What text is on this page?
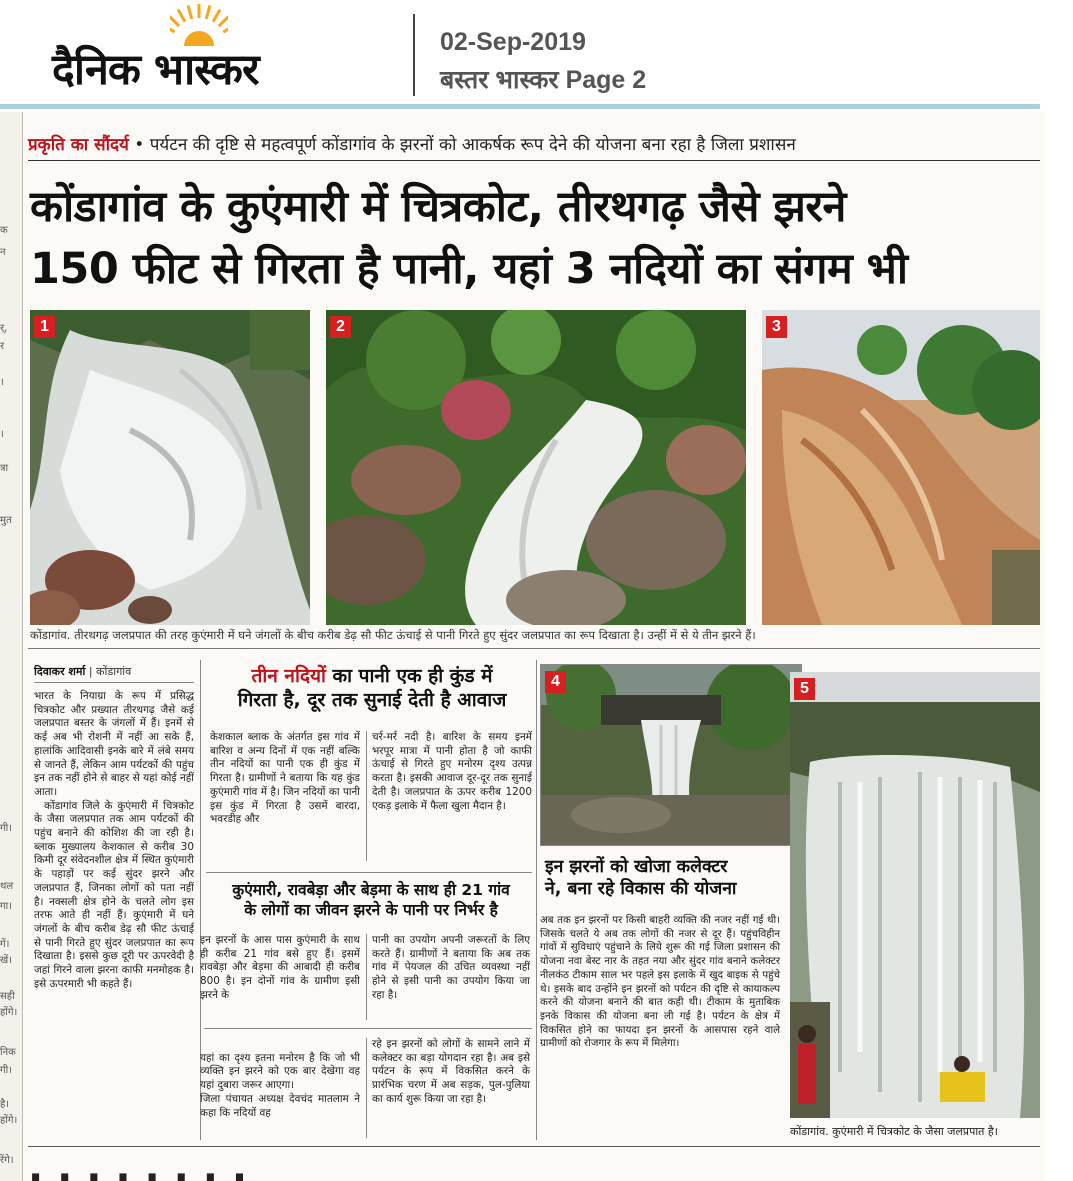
दैनिक भास्कर
02-Sep-2019
बस्तर भास्कर Page 2
क
न
र्,
र
।
।
त्रा
मुत
गी।
थल
गा।
गें।
खें।
सही
होंगे।
निक
गी।
है।
होंगे।
रेंगे।
प्रकृति का सौंदर्य • पर्यटन की दृष्टि से महत्वपूर्ण कोंडागांव के झरनों को आकर्षक रूप देने की योजना बना रहा है जिला प्रशासन
कोंडागांव के कुएंमारी में चित्रकोट, तीरथगढ़ जैसे झरने
150 फीट से गिरता है पानी, यहां 3 नदियों का संगम भी
1	2	3
कोंडागांव. तीरथगढ़ जलप्रपात की तरह कुएंमारी में घने जंगलों के बीच करीब डेढ़ सौ फीट ऊंचाई से पानी गिरते हुए सुंदर जलप्रपात का रूप दिखाता है। उन्हीं में से ये तीन झरने हैं।
दिवाकर शर्मा | कोंडागांव

भारत के नियाग्रा के रूप में प्रसिद्ध चित्रकोट और प्रख्यात तीरथगढ़ जैसे कई जलप्रपात बस्तर के जंगलों में हैं। इनमें से कई अब भी रोशनी में नहीं आ सके हैं, हालांकि आदिवासी इनके बारे में लंबे समय से जानते हैं, लेकिन आम पर्यटकों की पहुंच इन तक नहीं होने से बाहर से यहां कोई नहीं आता।

कोंडागांव जिले के कुएंमारी में चित्रकोट के जैसा जलप्रपात तक आम पर्यटकों की पहुंच बनाने की कोशिश की जा रही है। ब्लाक मुख्यालय केशकाल से करीब 30 किमी दूर संवेदनशील क्षेत्र में स्थित कुएंमारी के पहाड़ों पर कई सुंदर झरने और जलप्रपात हैं, जिनका लोगों को पता नहीं है। नक्सली क्षेत्र होने के चलते लोग इस तरफ आते ही नहीं हैं। कुएंमारी में घने जंगलों के बीच करीब डेढ़ सौ फीट ऊंचाई से पानी गिरते हुए सुंदर जलप्रपात का रूप दिखाता है। इससे कुछ दूरी पर ऊपरवेदी है जहां गिरने वाला झरना काफी मनमोहक है। इसे ऊपरमारी भी कहते हैं।

तीन नदियों का पानी एक ही कुंड में
गिरता है, दूर तक सुनाई देती है आवाज

केशकाल ब्लाक के अंतर्गत इस गांव में बारिश व अन्य दिनों में एक नहीं बल्कि तीन नदियों का पानी एक ही कुंड में गिरता है। ग्रामीणों ने बताया कि यह कुंड कुएंमारी गांव में है। जिन नदियों का पानी इस कुंड में गिरता है उसमें बारदा, भवरडीह और

चर्र-मर्र नदी है। बारिश के समय इनमें भरपूर मात्रा में पानी होता है जो काफी ऊंचाई से गिरते हुए मनोरम दृश्य उत्पन्न करता है। इसकी आवाज दूर-दूर तक सुनाई देती है। जलप्रपात के ऊपर करीब 1200 एकड़ इलाके में फैला खुला मैदान है।

कुएंमारी, रावबेड़ा और बेड़मा के साथ ही 21 गांव
के लोगों का जीवन झरने के पानी पर निर्भर है

इन झरनों के आस पास कुएंमारी के साथ ही करीब 21 गांव बसे हुए हैं। इसमें रावबेड़ा और बेड़मा की आबादी ही करीब 800 है। इन दोनों गांव के ग्रामीण इसी झरने के

पानी का उपयोग अपनी जरूरतों के लिए करते हैं। ग्रामीणों ने बताया कि अब तक गांव में पेयजल की उचित व्यवस्था नहीं होने से इसी पानी का उपयोग किया जा रहा है।

यहां का दृश्य इतना मनोरम है कि जो भी व्यक्ति इन झरने को एक बार देखेगा वह यहां दुबारा जरूर आएगा।
जिला पंचायत अध्यक्ष देवचंद मातलाम ने कहा कि नदियों वह

रहे इन झरनों को लोगों के सामने लाने में कलेक्टर का बड़ा योगदान रहा है। अब इसे पर्यटन के रूप में विकसित करने के प्रारंभिक चरण में अब सड़क, पुल-पुलिया का कार्य शुरू किया जा रहा है।

4
इन झरनों को खोजा कलेक्टर
ने, बना रहे विकास की योजना

अब तक इन झरनों पर किसी बाहरी व्यक्ति की नजर नहीं गई थी। जिसके चलते ये अब तक लोगों की नजर से दूर हैं। पहुंचविहीन गांवों में सुविधाएं पहुंचाने के लिये शुरू की गई जिला प्रशासन की योजना नवा बेस्ट नार के तहत नया और सुंदर गांव बनाने कलेक्टर नीलकंठ टीकाम साल भर पहले इस इलाके में खुद बाइक से पहुंचे थे। इसके बाद उन्होंने इन झरनों को पर्यटन की दृष्टि से कायाकल्प करने की योजना बनाने की बात कही थी। टीकाम के मुताबिक इनके विकास की योजना बना ली गई है। पर्यटन के क्षेत्र में विकसित होने का फायदा इन झरनों के आसपास रहने वाले ग्रामीणों को रोजगार के रूप में मिलेगा।

5
कोंडागांव. कुएंमारी में चित्रकोट के जैसा जलप्रपात है।
· · · · · · · ·
